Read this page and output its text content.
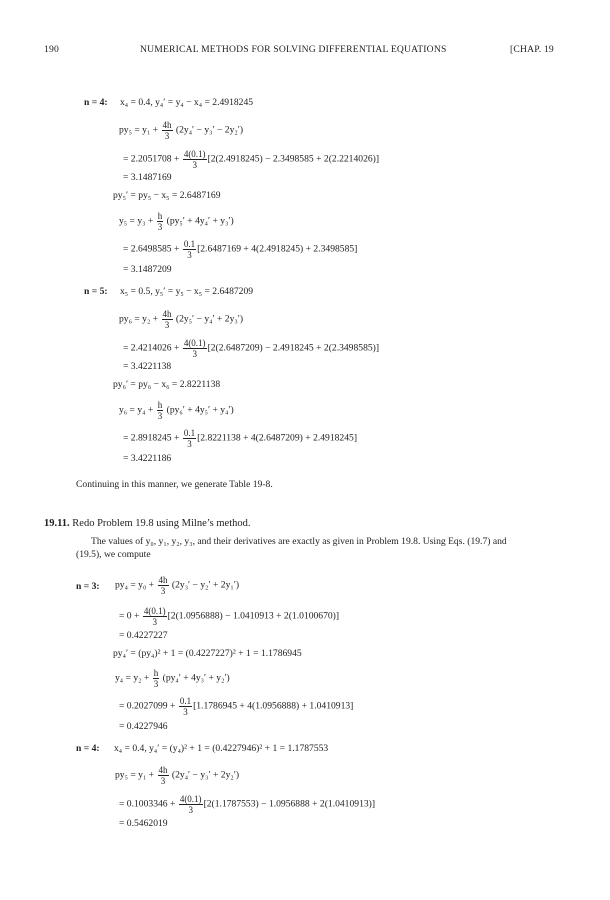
190	NUMERICAL METHODS FOR SOLVING DIFFERENTIAL EQUATIONS	[CHAP. 19
n = 4: x₄ = 0.4, y₄′ = y₄ − x₄ = 2.4918245
$py_5 = y_1 + \frac{4h}{3} (2y_4' - y_3' - 2y_2')$
= $2.2051708 + \frac{4(0.1)}{3} [2(2.4918245) - 2.3498585 + 2(2.2214026)]$
= 3.1487169
py₅′ = py₅ − x₅ = 2.6487169
$y_5 = y_3 + \frac{h}{3} (py_5' + 4y_4' + y_3')$
= $2.6498585 + \frac{0.1}{3} [2.6487169 + 4(2.4918245) + 2.3498585]$
= 3.1487209
n = 5: x₅ = 0.5, y₅′ = y₅ − x₅ = 2.6487209
$py_6 = y_2 + \frac{4h}{3} (2y_5' - y_4' + 2y_3')$
= $2.4214026 + \frac{4(0.1)}{3} [2(2.6487209) - 2.4918245 + 2(2.3498585)]$
= 3.4221138
py₆′ = py₆ − x₆ = 2.8221138
$y_6 = y_4 + \frac{h}{3} (py_6' + 4y_5' + y_4')$
= $2.8918245 + \frac{0.1}{3} [2.8221138 + 4(2.6487209) + 2.4918245]$
= 3.4221186
Continuing in this manner, we generate Table 19-8.
19.11. Redo Problem 19.8 using Milne’s method.
The values of y₀, y₁, y₂, y₃, and their derivatives are exactly as given in Problem 19.8. Using Eqs. (19.7) and
(19.5), we compute
n = 3: $py_4 = y_0 + \frac{4h}{3} (2y_3' - y_2' + 2y_1')$
= $0 + \frac{4(0.1)}{3} [2(1.0956888) - 1.0410913 + 2(1.0100670)]$
= 0.4227227
py₄′ = (py₄)² + 1 = (0.4227227)² + 1 = 1.1786945
$y_4 = y_2 + \frac{h}{3} (py_4' + 4y_3' + y_2')$
= $0.2027099 + \frac{0.1}{3} [1.1786945 + 4(1.0956888) + 1.0410913]$
= 0.4227946
n = 4: x₄ = 0.4, y₄′ = (y₄)² + 1 = (0.4227946)² + 1 = 1.1787553
$py_5 = y_1 + \frac{4h}{3} (2y_4' - y_3' + 2y_2')$
= $0.1003346 + \frac{4(0.1)}{3} [2(1.1787553) - 1.0956888 + 2(1.0410913)]$
= 0.5462019
